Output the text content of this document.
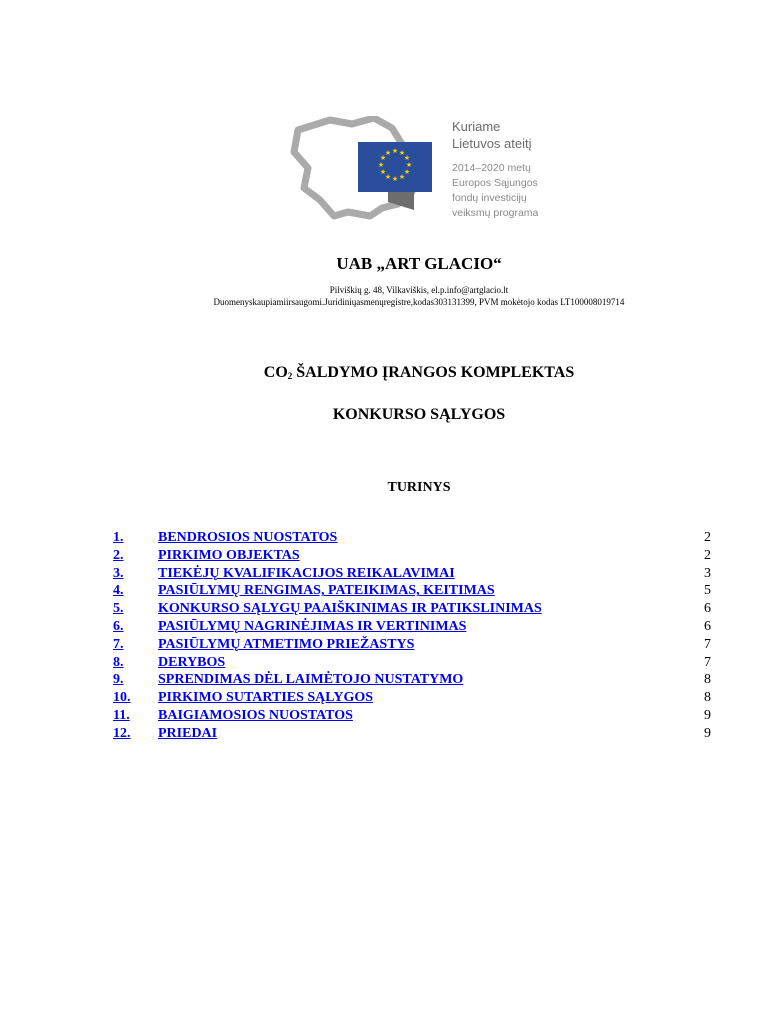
★ ★
★
★
★
★
★
★
★
★
★
★
Kuriame
Lietuvos ateitį
2014–2020 metų
Europos Sąjungos
fondų investicijų
veiksmų programa
UAB „ART GLACIO“
Pilviškių g. 48, Vilkaviškis, el.p.info@artglacio.lt
Duomenyskaupiamiirsaugomi.Juridiniųasmenųregistre,kodas303131399, PVM mokėtojo kodas LT100008019714
$CO_2$ ŠALDYMO ĮRANGOS KOMPLEKTAS
KONKURSO SĄLYGOS
TURINYS
1. BENDROSIOS NUOSTATOS	2
2. PIRKIMO OBJEKTAS	2
3. TIEKĖJŲ KVALIFIKACIJOS REIKALAVIMAI	3
4. PASIŪLYMŲ RENGIMAS, PATEIKIMAS, KEITIMAS	5
5. KONKURSO SĄLYGŲ PAAIŠKINIMAS IR PATIKSLINIMAS	6
6. PASIŪLYMŲ NAGRINĖJIMAS IR VERTINIMAS	6
7. PASIŪLYMŲ ATMETIMO PRIEŽASTYS	7
8. DERYBOS	7
9. SPRENDIMAS DĖL LAIMĖTOJO NUSTATYMO	8
10. PIRKIMO SUTARTIES SĄLYGOS	8
11. BAIGIAMOSIOS NUOSTATOS	9
12. PRIEDAI	9
